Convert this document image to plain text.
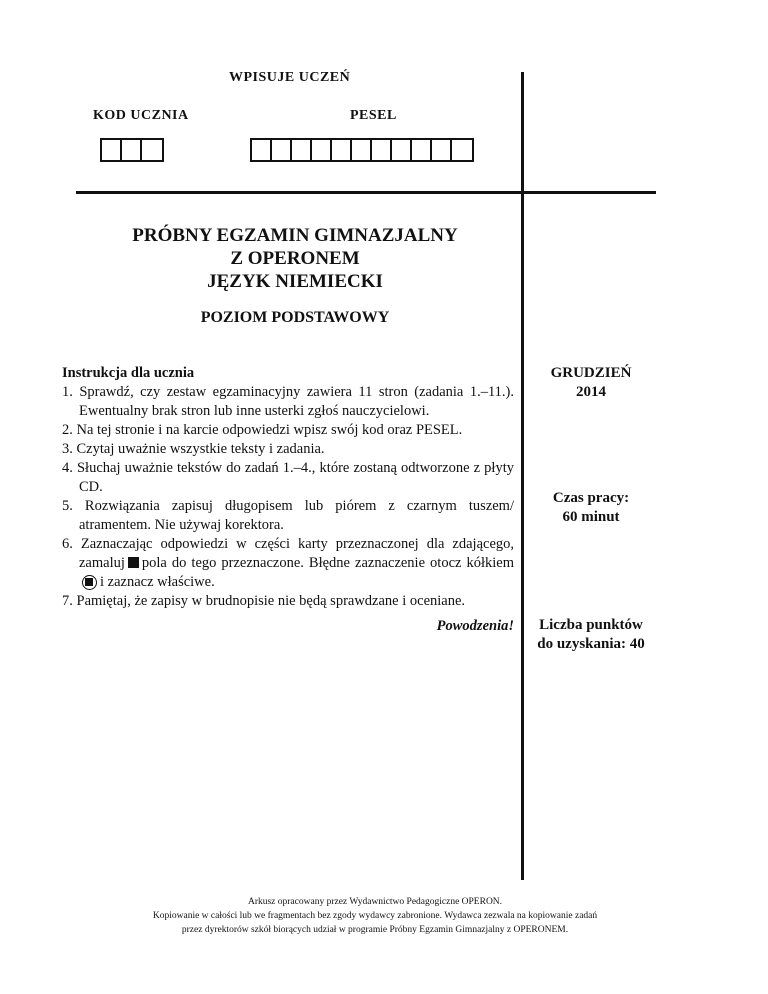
WPISUJE UCZEŃ
KOD UCZNIA	PESEL
PRÓBNY EGZAMIN GIMNAZJALNY
Z OPERONEM
JĘZYK NIEMIECKI
POZIOM PODSTAWOWY

Instrukcja dla ucznia

1. Sprawdź, czy zestaw egzaminacyjny zawiera 11 stron (zadania 1.–11.). Ewentualny brak stron lub inne usterki zgłoś nauczycielowi.

2. Na tej stronie i na karcie odpowiedzi wpisz swój kod oraz PESEL.

3. Czytaj uważnie wszystkie teksty i zadania.

4. Słuchaj uważnie tekstów do zadań 1.–4., które zostaną odtworzone z płyty CD.

5. Rozwiązania zapisuj długopisem lub piórem z czarnym tuszem/ atramentem. Nie używaj korektora.

6. Zaznaczając odpowiedzi w części karty przeznaczonej dla zdającego, zamaluj pola do tego przeznaczone. Błędne zaznaczenie otocz kółkiemi zaznacz właściwe.

7. Pamiętaj, że zapisy w brudnopisie nie będą sprawdzane i oceniane.

Powodzenia!
GRUDZIEŃ
2014
Czas pracy:
60 minut
Liczba punktów
do uzyskania: 40
Arkusz opracowany przez Wydawnictwo Pedagogiczne OPERON.
Kopiowanie w całości lub we fragmentach bez zgody wydawcy zabronione. Wydawca zezwala na kopiowanie zadań
przez dyrektorów szkół biorących udział w programie Próbny Egzamin Gimnazjalny z OPERONEM.
